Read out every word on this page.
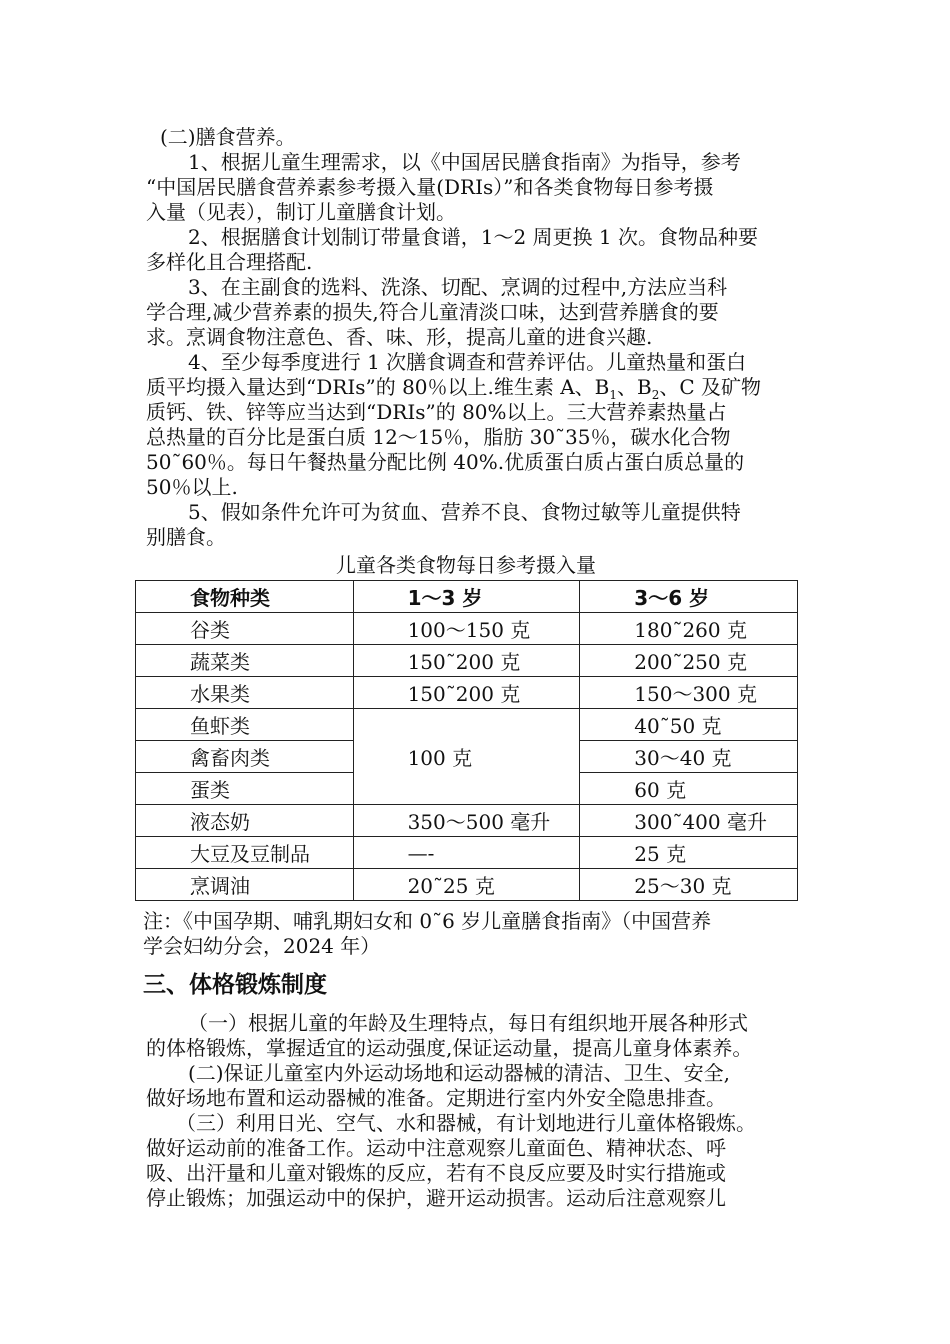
(二)膳食营养。
1、根据儿童生理需求，以《中国居民膳食指南》为指导，参考
“中国居民膳食营养素参考摄入量(DRIs）”和各类食物每日参考摄
入量（见表），制订儿童膳食计划。
2、根据膳食计划制订带量食谱，1～2 周更换 1 次。食物品种要
多样化且合理搭配.
3、在主副食的选料、洗涤、切配、烹调的过程中,方法应当科
学合理,减少营养素的损失,符合儿童清淡口味，达到营养膳食的要
求。烹调食物注意色、香、味、形，提高儿童的进食兴趣.
4、至少每季度进行 1 次膳食调查和营养评估。儿童热量和蛋白
质平均摄入量达到“DRIs”的 80％以上.维生素 A、$B_1$、$B_2$、C 及矿物
质钙、铁、锌等应当达到“DRIs”的 80%以上。三大营养素热量占
总热量的百分比是蛋白质 12～15％，脂肪 30˜35％，碳水化合物
50˜60％。每日午餐热量分配比例 40%.优质蛋白质占蛋白质总量的
50％以上.
5、假如条件允许可为贫血、营养不良、食物过敏等儿童提供特
别膳食。
儿童各类食物每日参考摄入量
食物种类	1～3 岁	3～6 岁
谷类	100～150 克	180˜260 克
蔬菜类	150˜200 克	200˜250 克
水果类	150˜200 克	150～300 克
鱼虾类	100 克	40˜50 克
禽畜肉类		30～40 克
蛋类		60 克
液态奶	350～500 毫升	300˜400 毫升
大豆及豆制品	—-	25 克
烹调油	20˜25 克	25～30 克
注：《中国孕期、哺乳期妇女和 0˜6 岁儿童膳食指南》（中国营养
学会妇幼分会，2024 年）
三、体格锻炼制度
（一）根据儿童的年龄及生理特点，每日有组织地开展各种形式
的体格锻炼，掌握适宜的运动强度,保证运动量，提高儿童身体素养。
(二)保证儿童室内外运动场地和运动器械的清洁、卫生、安全,
做好场地布置和运动器械的准备。定期进行室内外安全隐患排查。
（三）利用日光、空气、水和器械，有计划地进行儿童体格锻炼。
做好运动前的准备工作。运动中注意观察儿童面色、精神状态、呼
吸、出汗量和儿童对锻炼的反应，若有不良反应要及时实行措施或
停止锻炼；加强运动中的保护，避开运动损害。运动后注意观察儿
